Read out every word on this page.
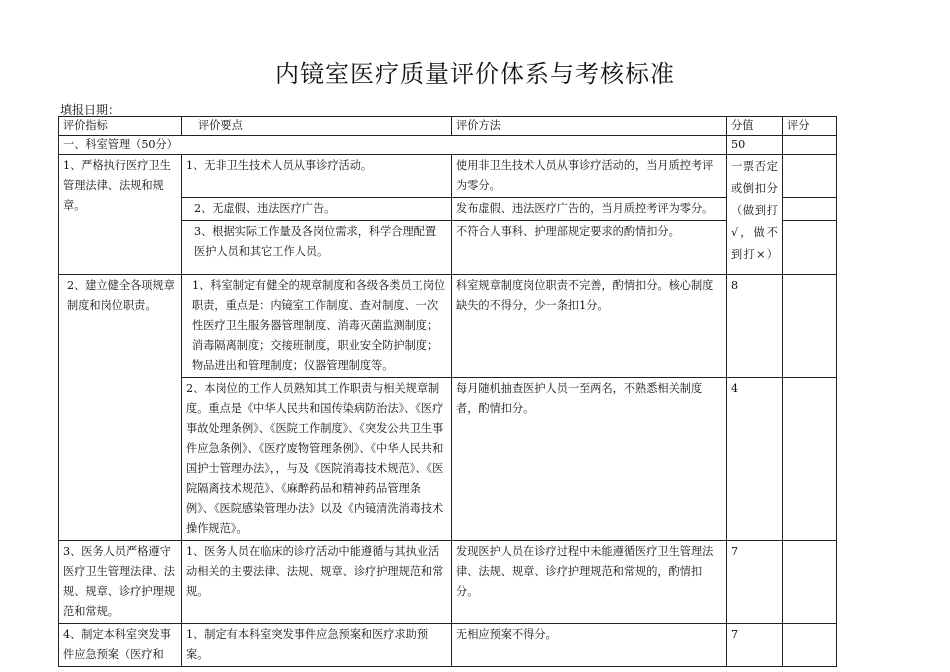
内镜室医疗质量评价体系与考核标准
填报日期：
评价指标	评价要点	评价方法	分值	评分
一、科室管理（50分）			50	
1、严格执行医疗卫生管理法律、法规和规章。	1、无非卫生技术人员从事诊疗活动。	使用非卫生技术人员从事诊疗活动的，当月质控考评为零分。	一票否定或倒扣分（做到打√，做不到打×）	
	2、无虚假、违法医疗广告。	发布虚假、违法医疗广告的，当月质控考评为零分。		
	3、根据实际工作量及各岗位需求，科学合理配置医护人员和其它工作人员。	不符合人事科、护理部规定要求的酌情扣分。		
2、建立健全各项规章制度和岗位职责。	1、科室制定有健全的规章制度和各级各类员工岗位职责，重点是：内镜室工作制度、查对制度、一次性医疗卫生服务器管理制度、消毒灭菌监测制度；消毒隔离制度；交接班制度，职业安全防护制度；物品进出和管理制度；仪器管理制度等。	科室规章制度岗位职责不完善，酌情扣分。核心制度缺失的不得分，少一条扣1分。	8	
	2、本岗位的工作人员熟知其工作职责与相关规章制度。重点是《中华人民共和国传染病防治法》、《医疗事故处理条例》、《医院工作制度》、《突发公共卫生事件应急条例》、《医疗废物管理条例》、《中华人民共和国护士管理办法》，，与及《医院消毒技术规范》、《医院隔离技术规范》、《麻醉药品和精神药品管理条例》、《医院感染管理办法》以及《内镜清洗消毒技术操作规范》。	每月随机抽查医护人员一至两名，不熟悉相关制度者，酌情扣分。	4	
3、医务人员严格遵守医疗卫生管理法律、法规、规章、诊疗护理规范和常规。	1、医务人员在临床的诊疗活动中能遵循与其执业活动相关的主要法律、法规、规章、诊疗护理规范和常规。	发现医护人员在诊疗过程中未能遵循医疗卫生管理法律、法规、规章、诊疗护理规范和常规的，酌情扣分。	7	
4、制定本科室突发事件应急预案（医疗和	1、制定有本科室突发事件应急预案和医疗求助预案。	无相应预案不得分。	7	
